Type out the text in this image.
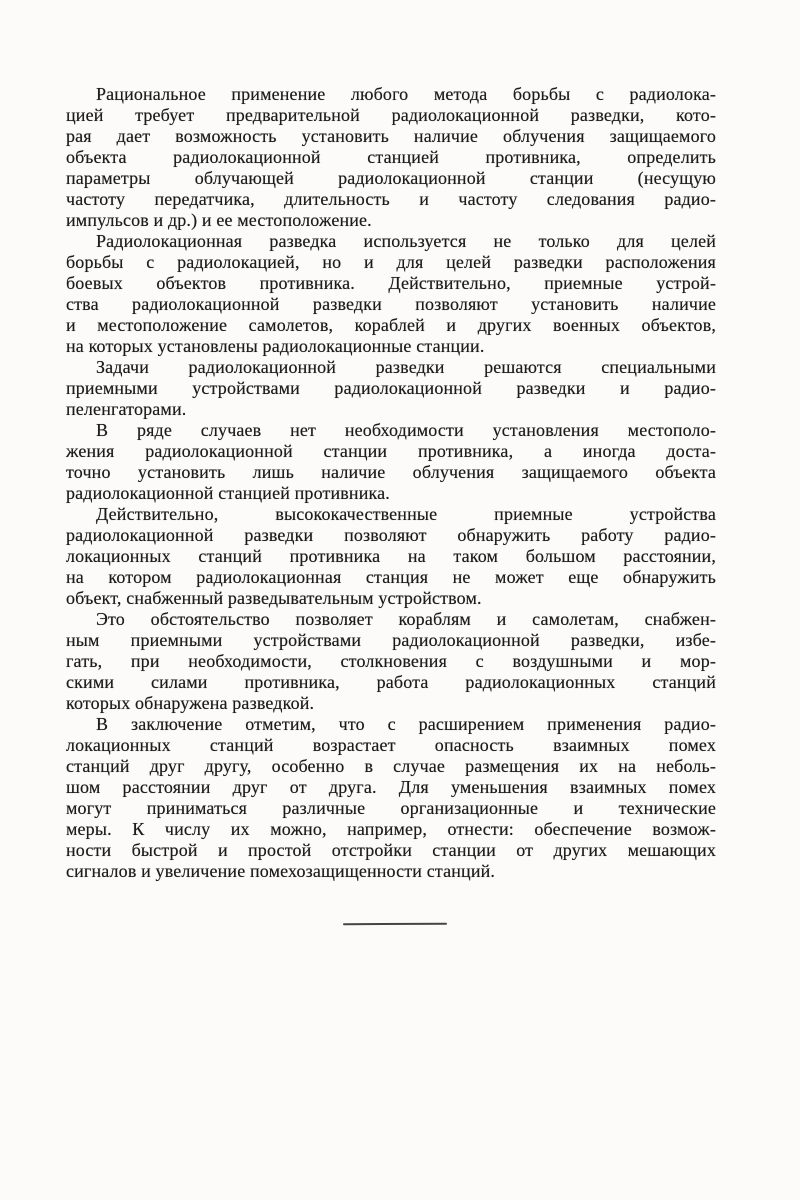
Рациональное применение любого метода борьбы с радиолока-
цией требует предварительной радиолокационной разведки, кото-
рая дает возможность установить наличие облучения защищаемого
объекта радиолокационной станцией противника, определить
параметры облучающей радиолокационной станции (несущую
частоту передатчика, длительность и частоту следования радио-
импульсов и др.) и ее местоположение.
Радиолокационная разведка используется не только для целей
борьбы с радиолокацией, но и для целей разведки расположения
боевых объектов противника. Действительно, приемные устрой-
ства радиолокационной разведки позволяют установить наличие
и местоположение самолетов, кораблей и других военных объектов,
на которых установлены радиолокационные станции.
Задачи радиолокационной разведки решаются специальными
приемными устройствами радиолокационной разведки и радио-
пеленгаторами.
В ряде случаев нет необходимости установления местополо-
жения радиолокационной станции противника, а иногда доста-
точно установить лишь наличие облучения защищаемого объекта
радиолокационной станцией противника.
Действительно, высококачественные приемные устройства
радиолокационной разведки позволяют обнаружить работу радио-
локационных станций противника на таком большом расстоянии,
на котором радиолокационная станция не может еще обнаружить
объект, снабженный разведывательным устройством.
Это обстоятельство позволяет кораблям и самолетам, снабжен-
ным приемными устройствами радиолокационной разведки, избе-
гать, при необходимости, столкновения с воздушными и мор-
скими силами противника, работа радиолокационных станций
которых обнаружена разведкой.
В заключение отметим, что с расширением применения радио-
локационных станций возрастает опасность взаимных помех
станций друг другу, особенно в случае размещения их на неболь-
шом расстоянии друг от друга. Для уменьшения взаимных помех
могут приниматься различные организационные и технические
меры. К числу их можно, например, отнести: обеспечение возмож-
ности быстрой и простой отстройки станции от других мешающих
сигналов и увеличение помехозащищенности станций.
